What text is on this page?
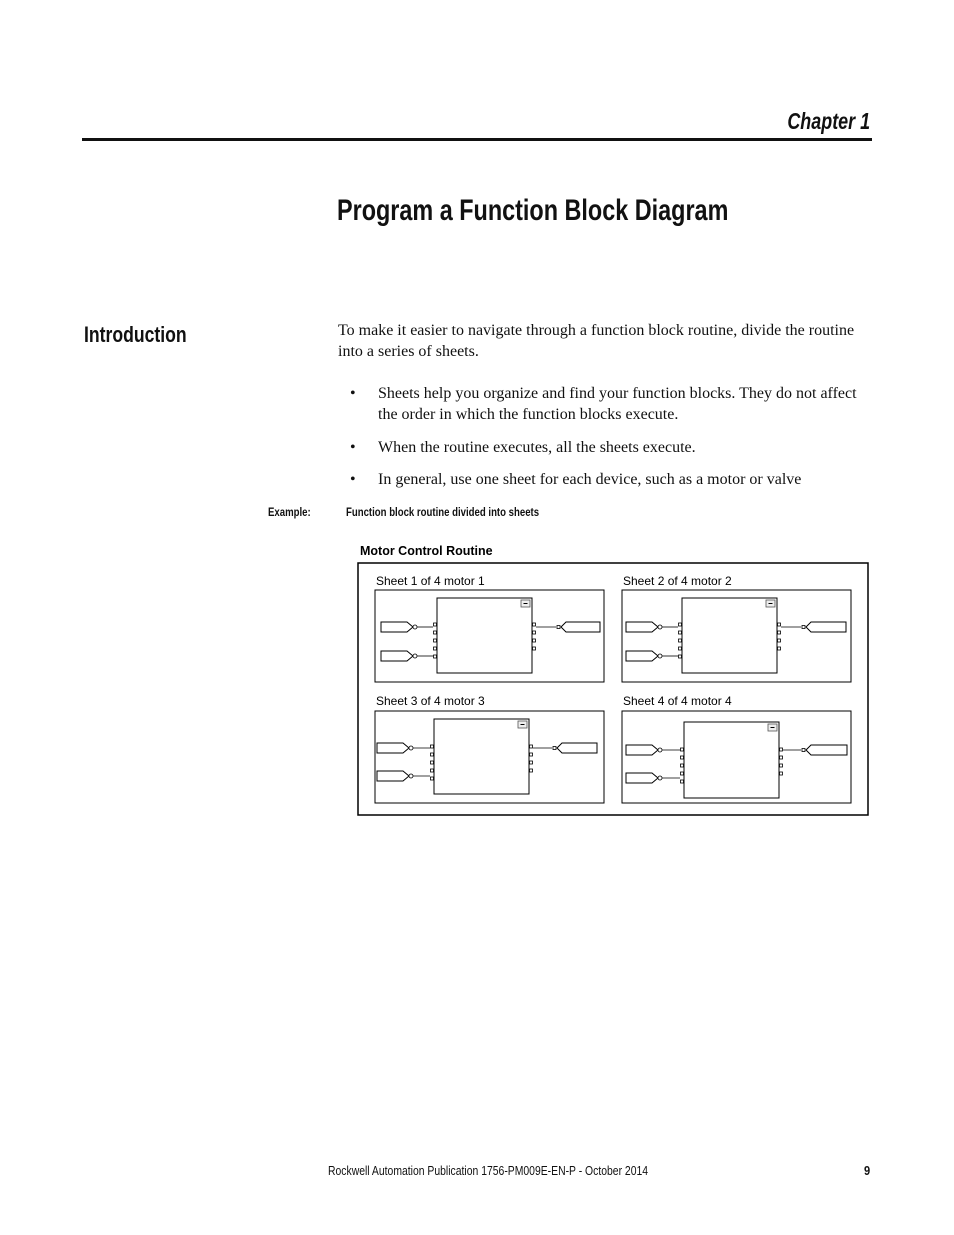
Chapter 1
Program a Function Block Diagram
Introduction	To make it easier to navigate through a function block routine, divide the routine into a series of sheets.
• Sheets help you organize and find your function blocks. They do not affect the order in which the function blocks execute.
• When the routine executes, all the sheets execute.
• In general, use one sheet for each device, such as a motor or valve
Example:	Function block routine divided into sheets
Motor Control Routine
Sheet 1 of 4 motor 1	Sheet 2 of 4 motor 2
Sheet 3 of 4 motor 3	Sheet 4 of 4 motor 4
Rockwell Automation Publication 1756-PM009E-EN-P - October 2014	9
